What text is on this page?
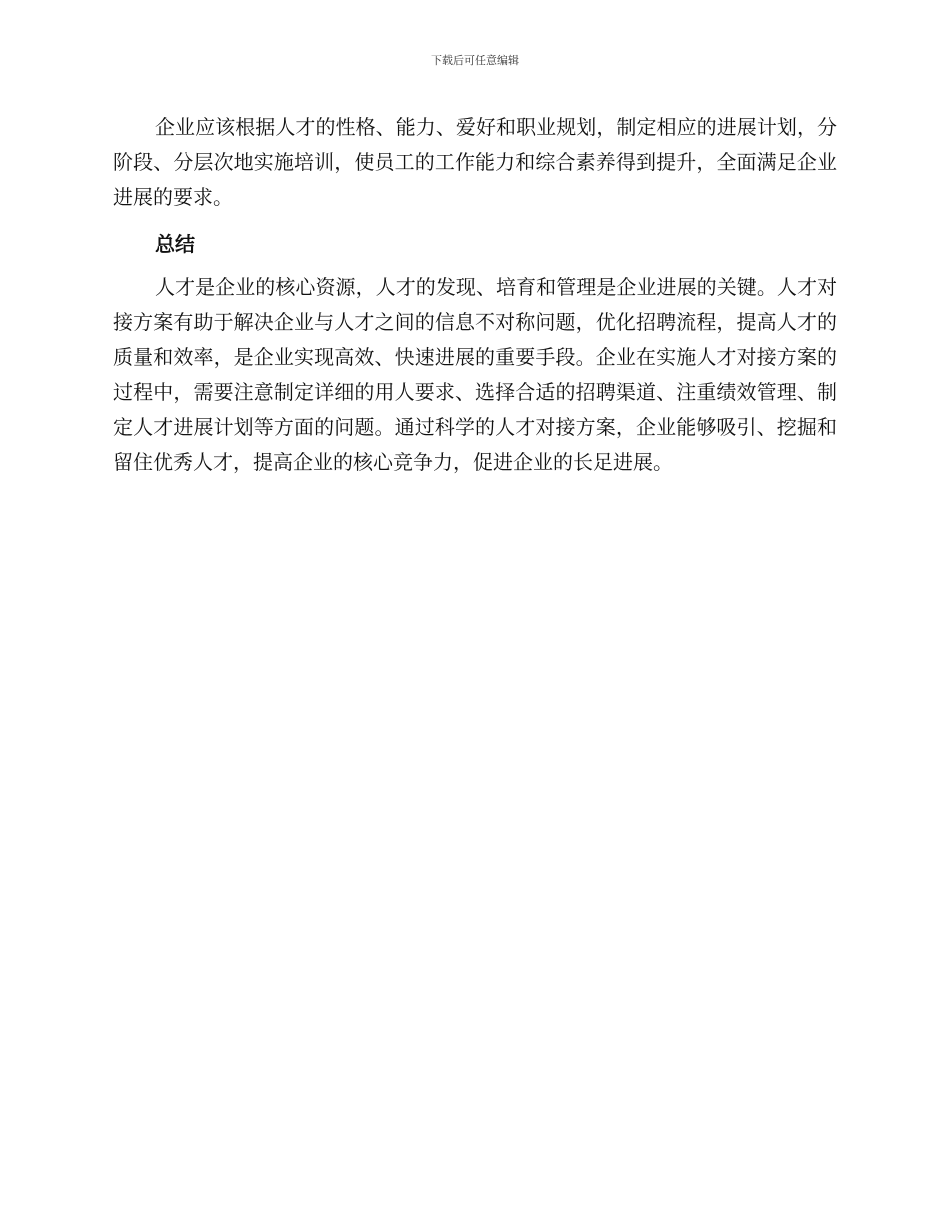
下载后可任意编辑

企业应该根据人才的性格、能力、爱好和职业规划，制定相应的进展计划，分阶段、分层次地实施培训，使员工的工作能力和综合素养得到提升，全面满足企业进展的要求。

总结

人才是企业的核心资源，人才的发现、培育和管理是企业进展的关键。人才对接方案有助于解决企业与人才之间的信息不对称问题，优化招聘流程，提高人才的质量和效率，是企业实现高效、快速进展的重要手段。企业在实施人才对接方案的过程中，需要注意制定详细的用人要求、选择合适的招聘渠道、注重绩效管理、制定人才进展计划等方面的问题。通过科学的人才对接方案，企业能够吸引、挖掘和留住优秀人才，提高企业的核心竞争力，促进企业的长足进展。
